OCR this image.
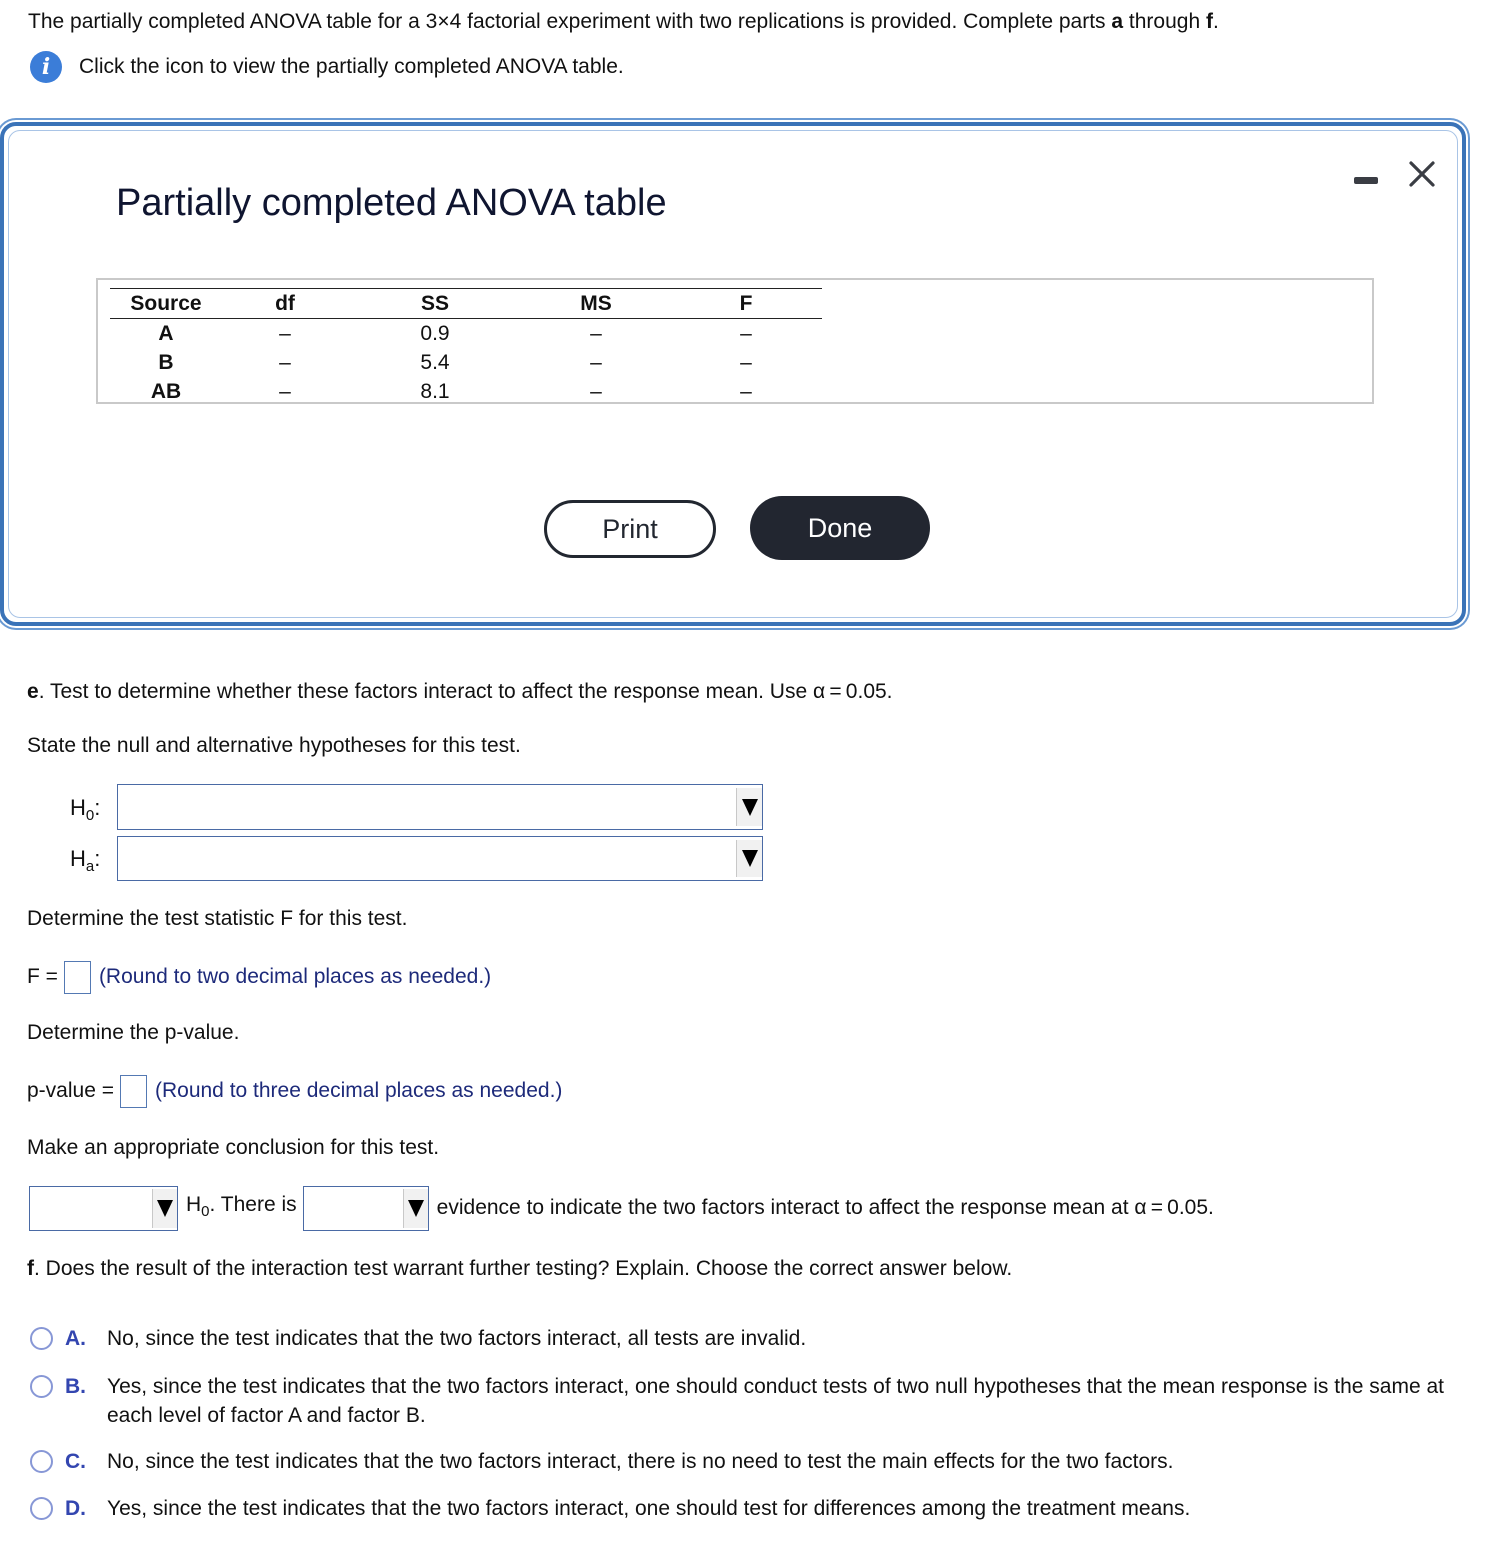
The partially completed ANOVA table for a 3×4 factorial experiment with two replications is provided. Complete parts a through f.
i	Click the icon to view the partially completed ANOVA table.
Partially completed ANOVA table
Source	df	SS	MS	F
A	–	0.9	–	–
B	–	5.4	–	–
AB	–	8.1	–	–
Print	Done
e. Test to determine whether these factors interact to affect the response mean. Use α = 0.05.
State the null and alternative hypotheses for this test.
$H_0$:
$H_a$:
Determine the test statistic F for this test.
F = (Round to two decimal places as needed.)
Determine the p-value.
p-value = (Round to three decimal places as needed.)
Make an appropriate conclusion for this test.
$H_0$. There is	evidence to indicate the two factors interact to affect the response mean at α = 0.05.
f. Does the result of the interaction test warrant further testing? Explain. Choose the correct answer below.
A.	No, since the test indicates that the two factors interact, all tests are invalid.
B.	Yes, since the test indicates that the two factors interact, one should conduct tests of two null hypotheses that the mean response is the same at each level of factor A and factor B.
C.	No, since the test indicates that the two factors interact, there is no need to test the main effects for the two factors.
D.	Yes, since the test indicates that the two factors interact, one should test for differences among the treatment means.
